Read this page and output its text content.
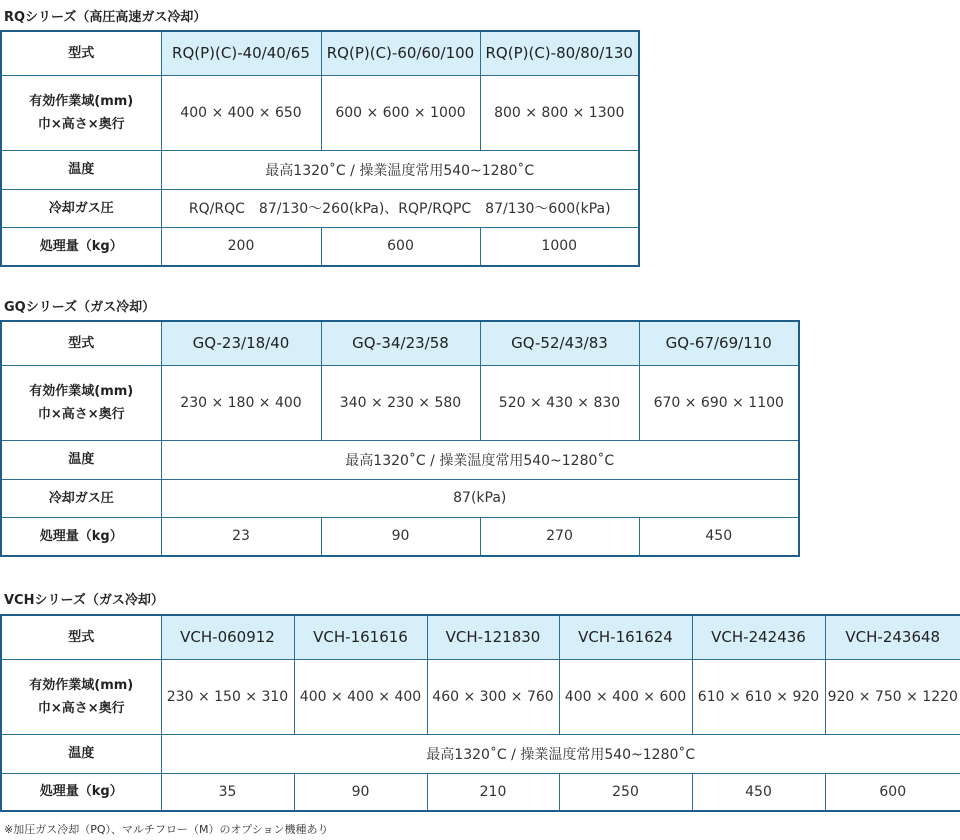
RQシリーズ（高圧高速ガス冷却）
型式	RQ(P)(C)-40/40/65	RQ(P)(C)-60/60/100	RQ(P)(C)-80/80/130

有効作業域(mm)
巾×高さ×奥行	400 × 400 × 650	600 × 600 × 1000	800 × 800 × 1300
温度	最高1320˚C / 操業温度常用540~1280˚C		
冷却ガス圧	RQ/RQC　87/130〜260(kPa)、RQP/RQPC　87/130〜600(kPa)		
処理量（kg）	200	600	1000
GQシリーズ（ガス冷却）
型式	GQ-23/18/40	GQ-34/23/58	GQ-52/43/83	GQ-67/69/110

有効作業域(mm)
巾×高さ×奥行	230 × 180 × 400	340 × 230 × 580	520 × 430 × 830	670 × 690 × 1100
温度	最高1320˚C / 操業温度常用540~1280˚C			
冷却ガス圧	87(kPa)			
処理量（kg）	23	90	270	450
VCHシリーズ（ガス冷却）
型式	VCH-060912	VCH-161616	VCH-121830	VCH-161624	VCH-242436	VCH-243648

有効作業域(mm)
巾×高さ×奥行	230 × 150 × 310	400 × 400 × 400	460 × 300 × 760	400 × 400 × 600	610 × 610 × 920	920 × 750 × 1220
温度	最高1320˚C / 操業温度常用540~1280˚C					
処理量（kg）	35	90	210	250	450	600
※加圧ガス冷却（PQ）、マルチフロー（M）のオプション機種あり
